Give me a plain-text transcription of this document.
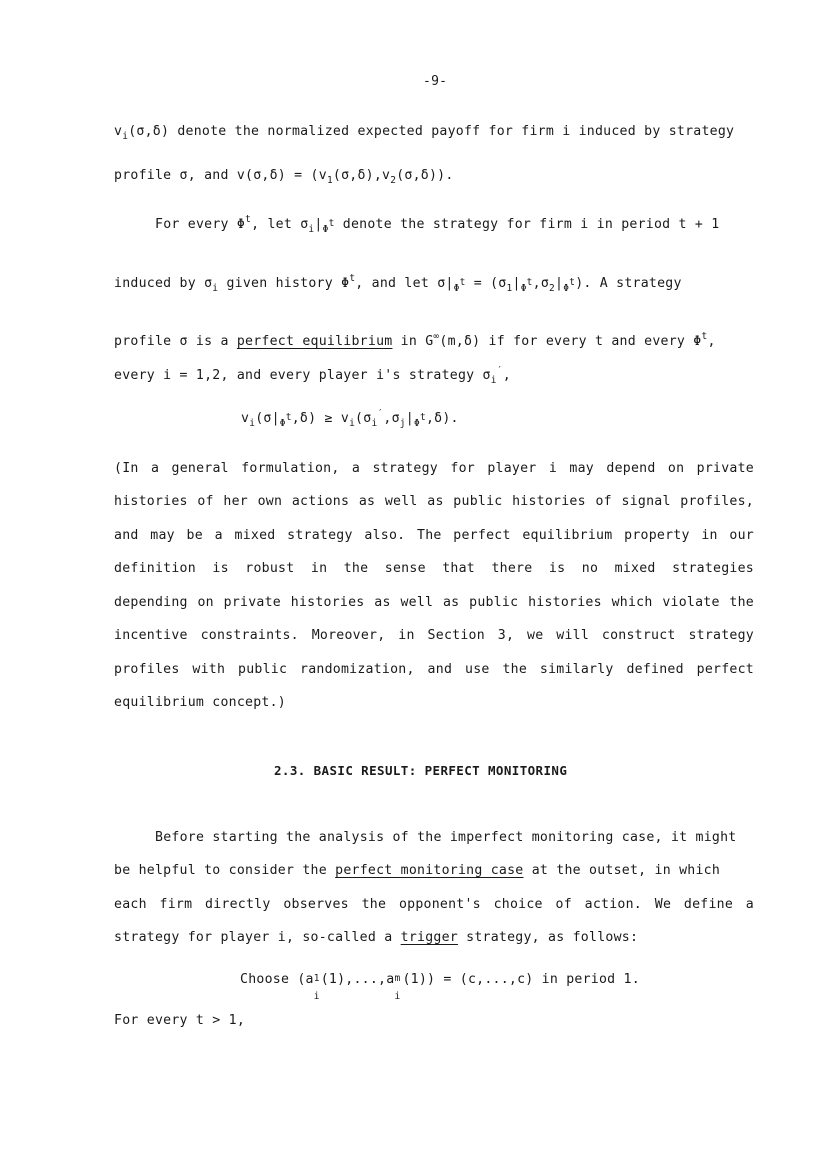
-9-
$v_i(\sigma,\delta)$ denote the normalized expected payoff for firm i induced by strategy
profile σ, and $v(\sigma,\delta) = (v_1(\sigma,\delta),v_2(\sigma,\delta))$.
For every $\Phi^t$, let $\sigma_i|_{\Phi^t}$ denote the strategy for firm i in period t + 1
induced by $\sigma_i$ given history $\Phi^t$, and let $\sigma|_{\Phi^t} = (\sigma_1|_{\Phi^t},\sigma_2|_{\Phi^t})$. A strategy
profile σ is a perfect equilibrium in G∞(m,δ) if for every t and every $\Phi^t$,
every i = 1,2, and every player i's strategy $\sigma_i'$,
$v_i(\sigma|_{\Phi^t},\delta) \ge v_i(\sigma_i',\sigma_j|_{\Phi^t},\delta)$.
(In a general formulation, a strategy for player i may depend on private
histories of her own actions as well as public histories of signal profiles,
and may be a mixed strategy also. The perfect equilibrium property in our
definition is robust in the sense that there is no mixed strategies
depending on private histories as well as public histories which violate the
incentive constraints. Moreover, in Section 3, we will construct strategy
profiles with public randomization, and use the similarly defined perfect
equilibrium concept.)
2.3. BASIC RESULT: PERFECT MONITORING
Before starting the analysis of the imperfect monitoring case, it might
be helpful to consider the perfect monitoring case at the outset, in which
each firm directly observes the opponent's choice of action. We define a
strategy for player i, so-called a trigger strategy, as follows:
Choose (a 1
i
(1),...,a m
i
(1)) = (c,...,c) in period 1.
For every t > 1,
